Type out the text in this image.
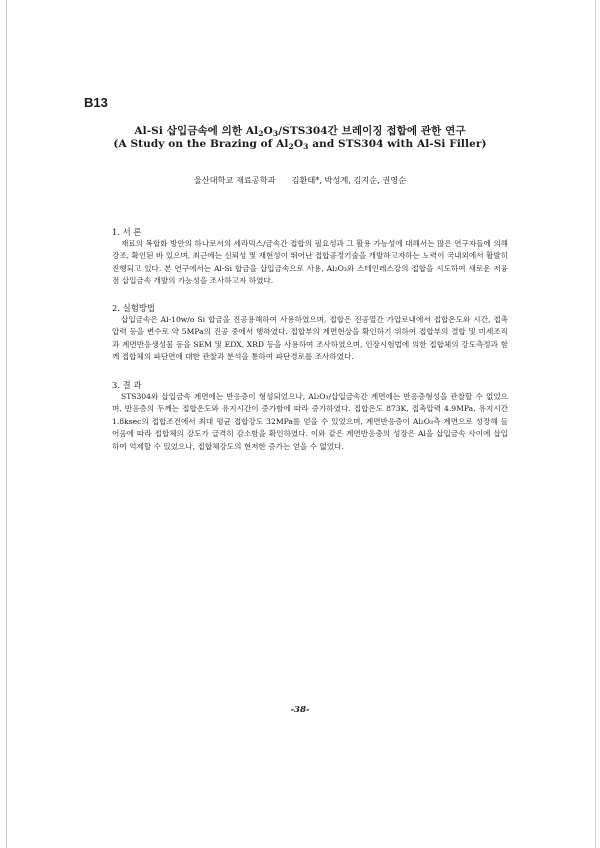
B13
Al-Si 삽입금속에 의한 $Al_2O_3/STS304$간 브레이징 접합에 관한 연구
(A Study on the Brazing of $Al_2O_3$ and STS304 with Al-Si Filler)
울산대학교 재료공학과 김환태*, 박성계, 김지순, 권영순
1. 서 론
재료의 복합화 방안의 하나로서의 세라믹스/금속간 접합의 필요성과 그 활용 가능성에 대해서는 많은 연구자들에 의해 강조, 확인된 바 있으며, 최근에는 신뢰성 및 재현성이 뛰어난 접합공정기술을 개발하고자하는 노력이 국내외에서 활발히 진행되고 있다. 본 연구에서는 Al-Si 합금을 삽입금속으로 사용, Al₂O₃와 스테인레스강의 접합을 시도하여 새로운 저융점 삽입금속 개발의 가능성을 조사하고자 하였다.
2. 실험방법
삽입금속은 Al-10w/o Si 합금을 진공용해하여 사용하였으며, 접합은 진공열간 가압로내에서 접합온도와 시간, 접촉압력 등을 변수로 약 5MPa의 진공 중에서 행하였다. 접합부의 계면현상을 확인하기 위하여 접합부의 결합 및 미세조직과 계면반응생성물 등을 SEM 및 EDX, XRD 등을 사용하여 조사하였으며, 인장시험법에 의한 접합체의 강도측정과 함께 접합체의 파단면에 대한 관찰과 분석을 통하여 파단경로를 조사하였다.
3. 결 과
STS304와 삽입금속 계면에는 반응층이 형성되었으나, Al₂O₃/삽입금속간 계면에는 반응층형성을 관찰할 수 없었으며, 반응층의 두께는 접합온도와 유지시간이 증가함에 따라 증가하였다. 접합온도 873K, 접촉압력 4.9MPa, 유지시간 1.8ksec의 접합조건에서 최대 평균 접합강도 32MPa를 얻을 수 있었으며, 계면반응층이 Al₂O₃측 계면으로 성장해 들어옴에 따라 접합체의 강도가 급격히 감소함을 확인하였다. 이와 같은 계면반응층의 성장은 Al을 삽입금속 사이에 삽입하여 억제할 수 있었으나, 접합체강도의 현저한 증가는 얻을 수 없었다.
-38-
